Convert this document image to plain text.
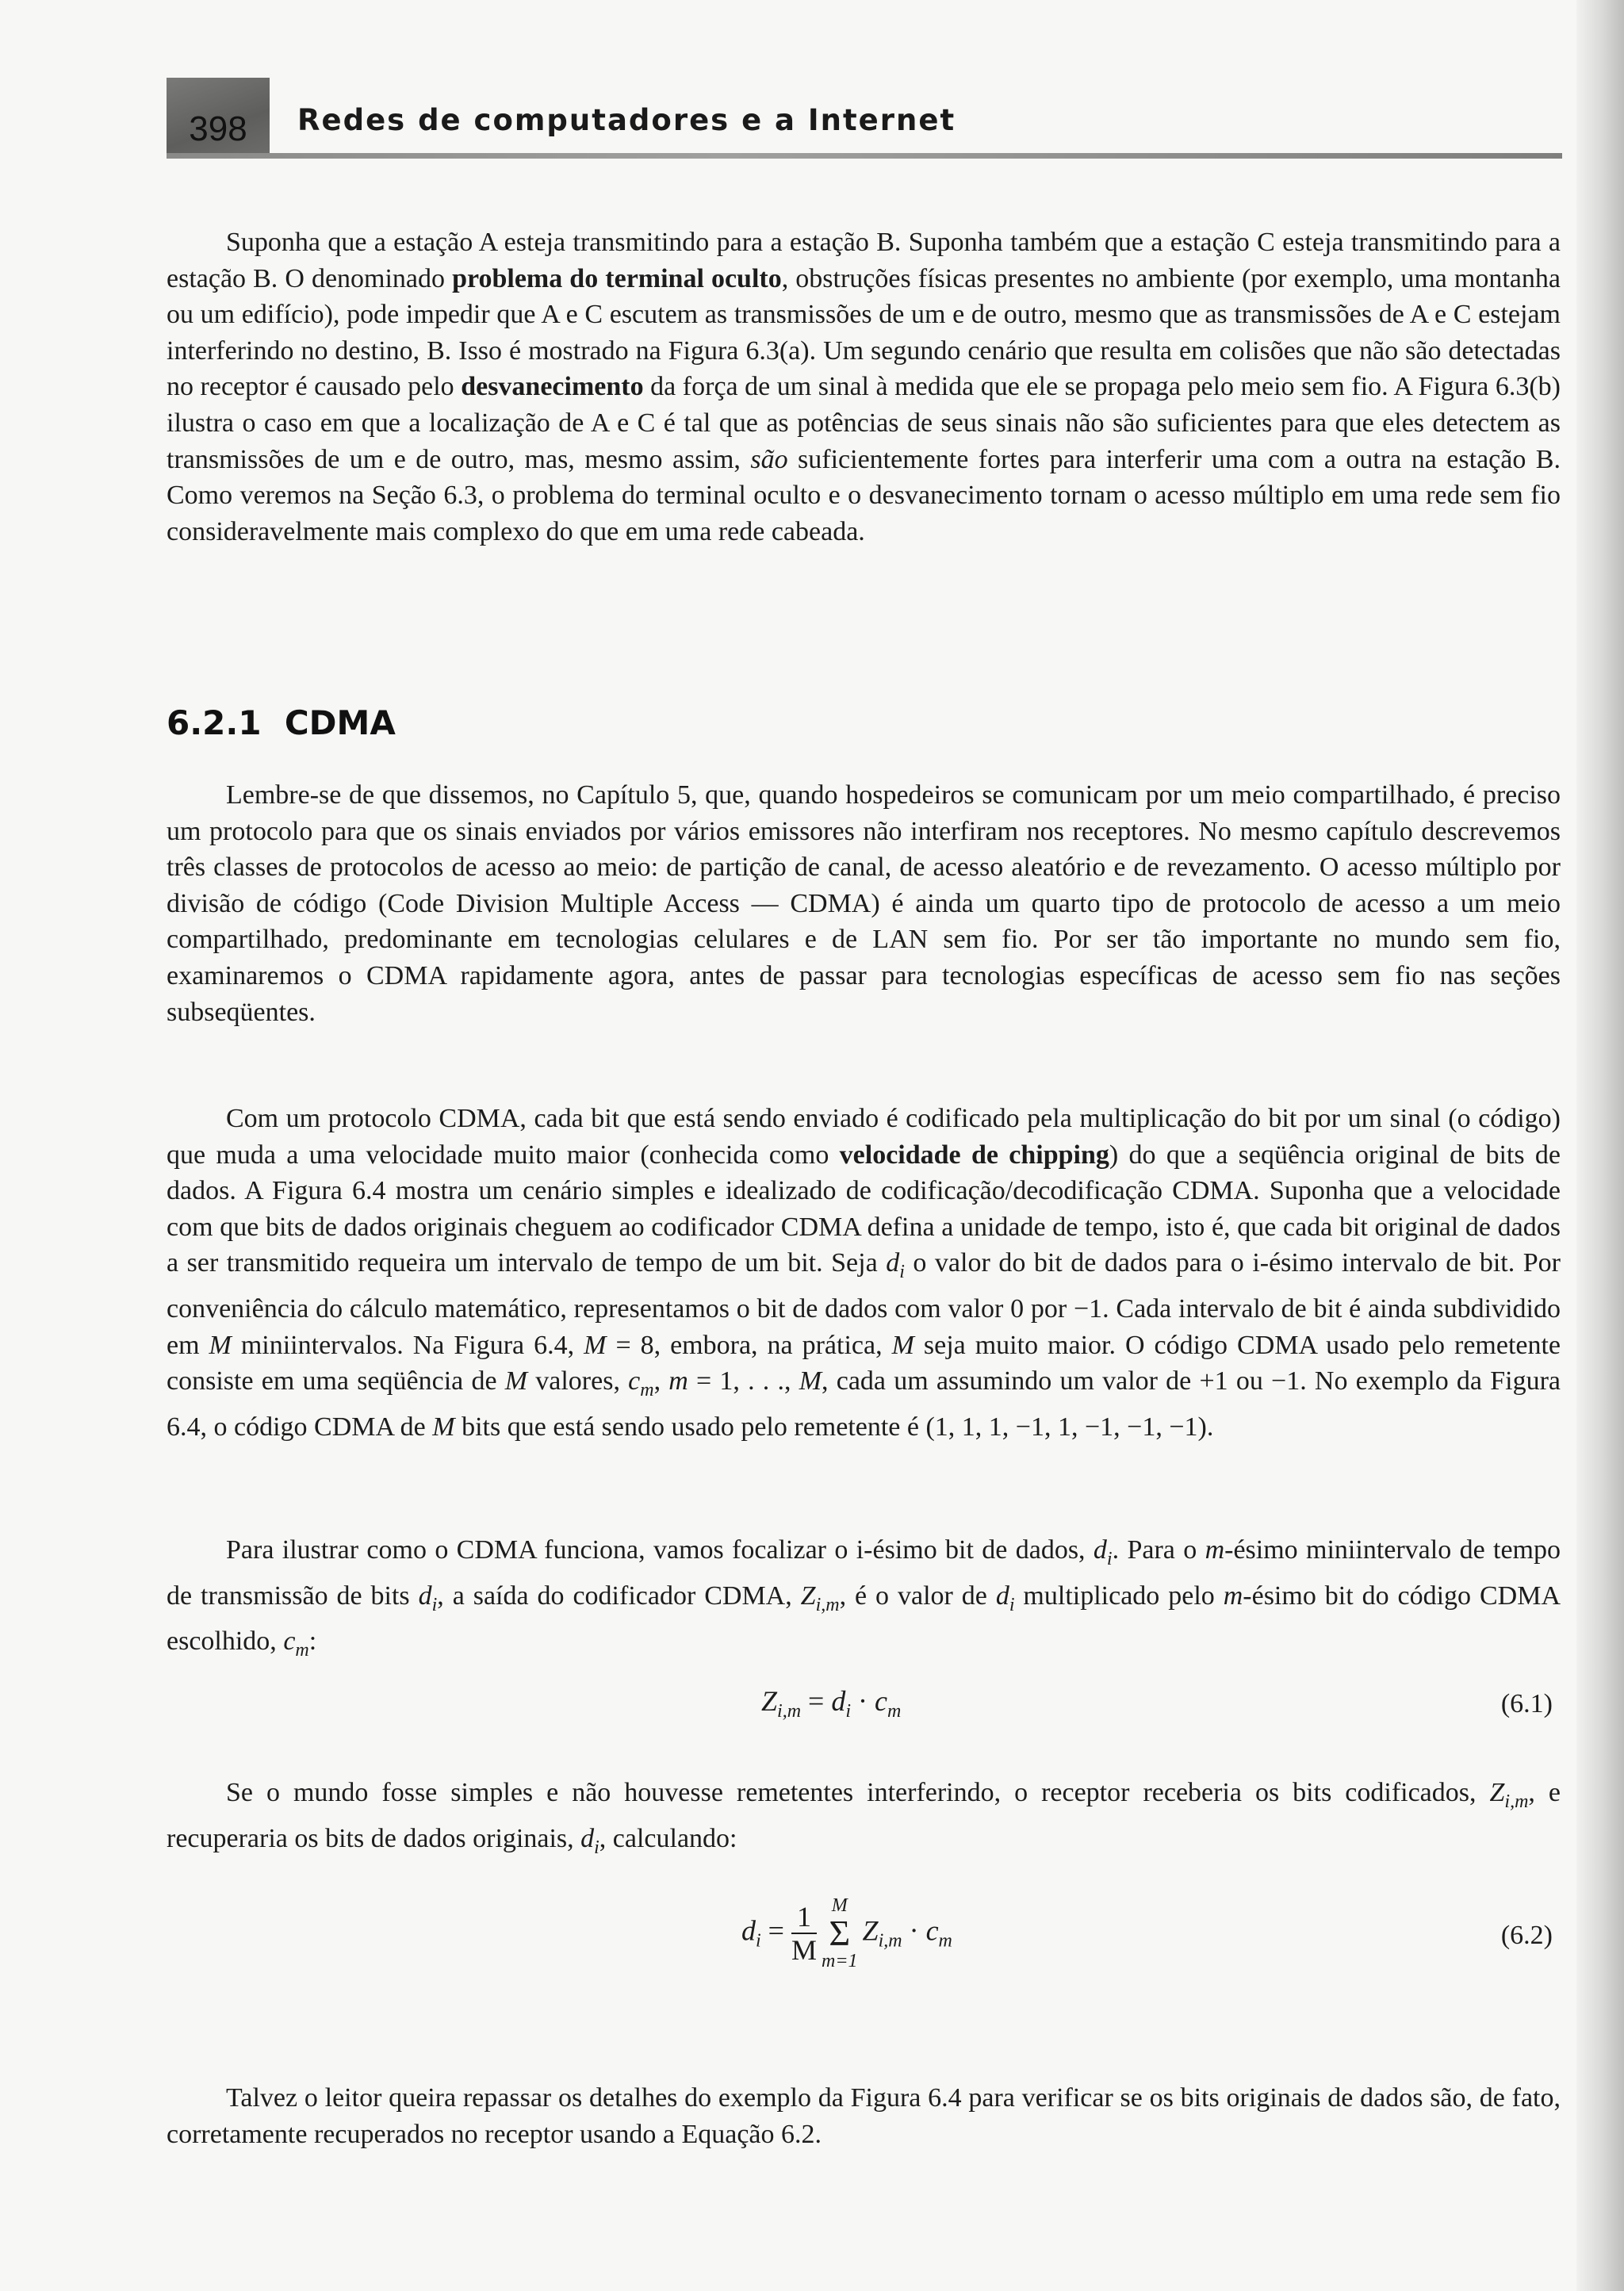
398	Redes de computadores e a Internet

Suponha que a estação A esteja transmitindo para a estação B. Suponha também que a estação C esteja transmitindo para a estação B. O denominado problema do terminal oculto, obstruções físicas presentes no ambiente (por exemplo, uma montanha ou um edifício), pode impedir que A e C escutem as transmissões de um e de outro, mesmo que as transmissões de A e C estejam interferindo no destino, B. Isso é mostrado na Figura 6.3(a). Um segundo cenário que resulta em colisões que não são detectadas no receptor é causado pelo desvanecimento da força de um sinal à medida que ele se propaga pelo meio sem fio. A Figura 6.3(b) ilustra o caso em que a localização de A e C é tal que as potências de seus sinais não são suficientes para que eles detectem as transmissões de um e de outro, mas, mesmo assim, são suficientemente fortes para interferir uma com a outra na estação B. Como veremos na Seção 6.3, o problema do terminal oculto e o desvanecimento tornam o acesso múltiplo em uma rede sem fio consideravelmente mais complexo do que em uma rede cabeada.

6.2.1 CDMA

Lembre-se de que dissemos, no Capítulo 5, que, quando hospedeiros se comunicam por um meio compartilhado, é preciso um protocolo para que os sinais enviados por vários emissores não interfiram nos receptores. No mesmo capítulo descrevemos três classes de protocolos de acesso ao meio: de partição de canal, de acesso aleatório e de revezamento. O acesso múltiplo por divisão de código (Code Division Multiple Access — CDMA) é ainda um quarto tipo de protocolo de acesso a um meio compartilhado, predominante em tecnologias celulares e de LAN sem fio. Por ser tão importante no mundo sem fio, examinaremos o CDMA rapidamente agora, antes de passar para tecnologias específicas de acesso sem fio nas seções subseqüentes.

Com um protocolo CDMA, cada bit que está sendo enviado é codificado pela multiplicação do bit por um sinal (o código) que muda a uma velocidade muito maior (conhecida como velocidade de chipping) do que a seqüência original de bits de dados. A Figura 6.4 mostra um cenário simples e idealizado de codificação/decodificação CDMA. Suponha que a velocidade com que bits de dados originais cheguem ao codificador CDMA defina a unidade de tempo, isto é, que cada bit original de dados a ser transmitido requeira um intervalo de tempo de um bit. Seja $d_i$ o valor do bit de dados para o i-ésimo intervalo de bit. Por conveniência do cálculo matemático, representamos o bit de dados com valor 0 por −1. Cada intervalo de bit é ainda subdividido em M miniintervalos. Na Figura 6.4, M = 8, embora, na prática, M seja muito maior. O código CDMA usado pelo remetente consiste em uma seqüência de M valores, $c_m$, m = 1, . . ., M, cada um assumindo um valor de +1 ou −1. No exemplo da Figura 6.4, o código CDMA de M bits que está sendo usado pelo remetente é (1, 1, 1, −1, 1, −1, −1, −1).

Para ilustrar como o CDMA funciona, vamos focalizar o i-ésimo bit de dados, $d_i$. Para o m-ésimo miniintervalo de tempo de transmissão de bits $d_i$, a saída do codificador CDMA, $Z_{i,m}$, é o valor de $d_i$ multiplicado pelo m-ésimo bit do código CDMA escolhido, $c_m$:

$Z_{i,m} = d_i \cdot c_m$	(6.1)

Se o mundo fosse simples e não houvesse remetentes interferindo, o receptor receberia os bits codificados, $Z_{i,m}$, e recuperaria os bits de dados originais, $d_i$, calculando:

$d_i = \frac{1}{M}$ M
Σ
m=1
$Z_{i,m} \cdot c_m$	(6.2)

Talvez o leitor queira repassar os detalhes do exemplo da Figura 6.4 para verificar se os bits originais de dados são, de fato, corretamente recuperados no receptor usando a Equação 6.2.
